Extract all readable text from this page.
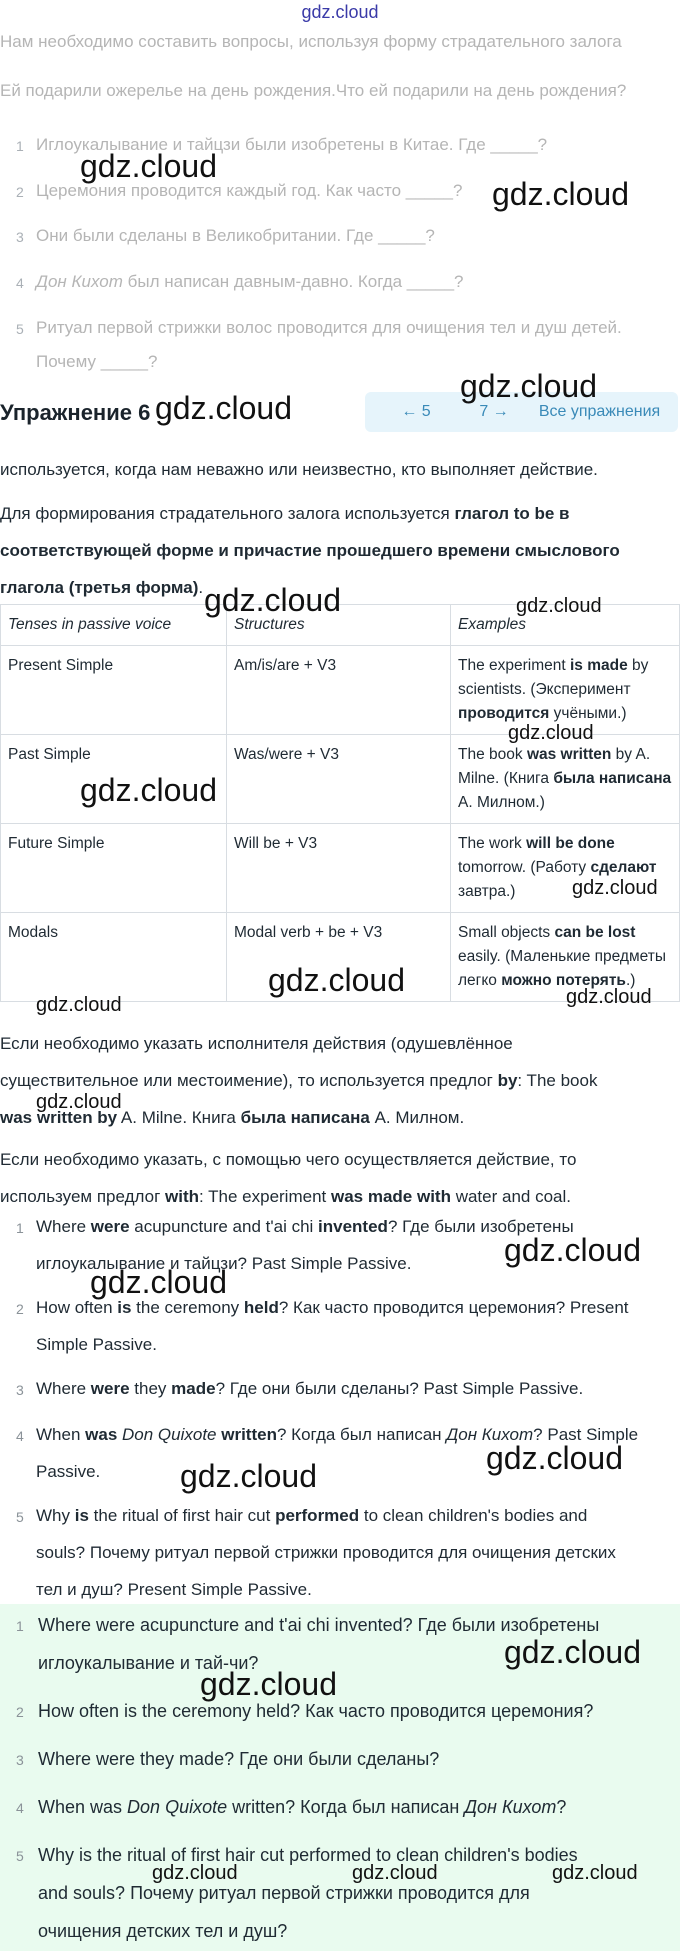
gdz.cloud
Нам необходимо составить вопросы, используя форму страдательного залога
Ей подарили ожерелье на день рождения.Что ей подарили на день рождения?
1 Иглоукалывание и тайцзи были изобретены в Китае. Где _____?
2 Церемония проводится каждый год. Как часто _____?
3 Они были сделаны в Великобритании. Где _____?
4 Дон Кихот был написан давным-давно. Когда _____?
5 Ритуал первой стрижки волос проводится для очищения тел и душ детей.
Почему _____?
Упражнение 6	← 5	7 →	Все упражнения
используется, когда нам неважно или неизвестно, кто выполняет действие.
Для формирования страдательного залога используется глагол to be в
соответствующей форме и причастие прошедшего времени смыслового
глагола (третья форма).
Tenses in passive voice	Structures	Examples
Present Simple	Am/is/are + V3	The experiment is made by scientists. (Эксперимент проводится учёными.)
Past Simple	Was/were + V3	The book was written by A. Milne. (Книга была написана А. Милном.)
Future Simple	Will be + V3	The work will be done tomorrow. (Работу сделают завтра.)
Modals	Modal verb + be + V3	Small objects can be lost easily. (Маленькие предметы легко можно потерять.)
Если необходимо указать исполнителя действия (одушевлённое
существительное или местоимение), то используется предлог by: The book
was written by A. Milne. Книга была написана А. Милном.
Если необходимо указать, с помощью чего осуществляется действие, то
используем предлог with: The experiment was made with water and coal.
1 Where were acupuncture and t'ai chi invented? Где были изобретены
иглоукалывание и тайцзи? Past Simple Passive.
2 How often is the ceremony held? Как часто проводится церемония? Present
Simple Passive.
3 Where were they made? Где они были сделаны? Past Simple Passive.
4 When was Don Quixote written? Когда был написан Дон Кихот? Past Simple
Passive.
5 Why is the ritual of first hair cut performed to clean children's bodies and
souls? Почему ритуал первой стрижки проводится для очищения детских
тел и душ? Present Simple Passive.
1 Where were acupuncture and t'ai chi invented? Где были изобретены
иглоукалывание и тай-чи?
2 How often is the ceremony held? Как часто проводится церемония?
3 Where were they made? Где они были сделаны?
4 When was Don Quixote written? Когда был написан Дон Кихот?
5 Why is the ritual of first hair cut performed to clean children's bodies
and souls? Почему ритуал первой стрижки проводится для
очищения детских тел и душ?
gdz.cloud
gdz.cloud
gdz.cloud
gdz.cloud
gdz.cloud	gdz.cloud
gdz.cloud
gdz.cloud
gdz.cloud
gdz.cloud	gdz.cloud
gdz.cloud
gdz.cloud
gdz.cloud
gdz.cloud
gdz.cloud
gdz.cloud
gdz.cloud
gdz.cloud
gdz.cloud	gdz.cloud	gdz.cloud
